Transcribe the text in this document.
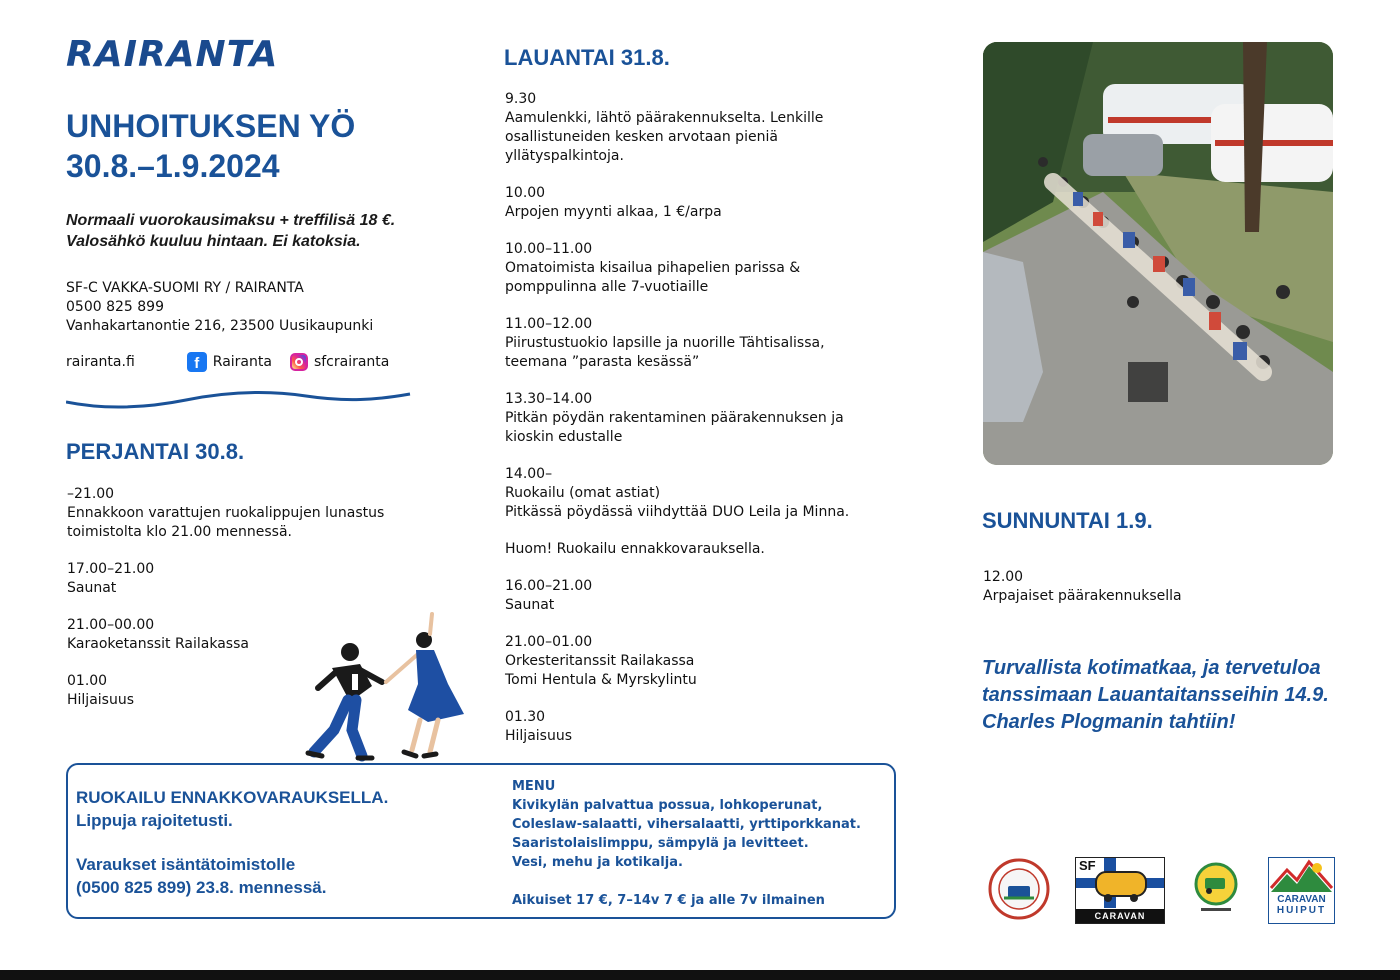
RAIRANTA
UNHOITUKSEN YÖ
30.8.–1.9.2024
Normaali vuorokausimaksu + treffilisä 18 €.
Valosähkö kuuluu hintaan. Ei katoksia.
SF-C VAKKA-SUOMI RY / RAIRANTA
0500 825 899
Vanhakartanontie 216, 23500 Uusikaupunki
rairanta.fi	f Rairanta	sfcrairanta
PERJANTAI 30.8.
–21.00
Ennakkoon varattujen ruokalippujen lunastus
toimistolta klo 21.00 mennessä.
17.00–21.00
Saunat
21.00–00.00
Karaoketanssit Railakassa
01.00
Hiljaisuus
LAUANTAI 31.8.
9.30
Aamulenkki, lähtö päärakennukselta. Lenkille
osallistuneiden kesken arvotaan pieniä
yllätyspalkintoja.
10.00
Arpojen myynti alkaa, 1 €/arpa
10.00–11.00
Omatoimista kisailua pihapelien parissa &
pomppulinna alle 7-vuotiaille
11.00–12.00
Piirustustuokio lapsille ja nuorille Tähtisalissa,
teemana ”parasta kesässä”
13.30–14.00
Pitkän pöydän rakentaminen päärakennuksen ja
kioskin edustalle
14.00–
Ruokailu (omat astiat)
Pitkässä pöydässä viihdyttää DUO Leila ja Minna.
Huom! Ruokailu ennakkovarauksella.
16.00–21.00
Saunat
21.00–01.00
Orkesteritanssit Railakassa
Tomi Hentula & Myrskylintu
01.30
Hiljaisuus
SUNNUNTAI 1.9.
12.00
Arpajaiset päärakennuksella
Turvallista kotimatkaa, ja tervetuloa
tanssimaan Lauantaitansseihin 14.9.
Charles Plogmanin tahtiin!
RUOKAILU ENNAKKOVARAUKSELLA.
Lippuja rajoitetusti.
Varaukset isäntätoimistolle
(0500 825 899) 23.8. mennessä.
MENU
Kivikylän palvattua possua, lohkoperunat,
Coleslaw-salaatti, vihersalaatti, yrttiporkkanat.
Saaristolaislimppu, sämpylä ja levitteet.
Vesi, mehu ja kotikalja.
Aikuiset 17 €, 7–14v 7 € ja alle 7v ilmainen
SF
CARAVAN
CARAVAN
HUIPUT
